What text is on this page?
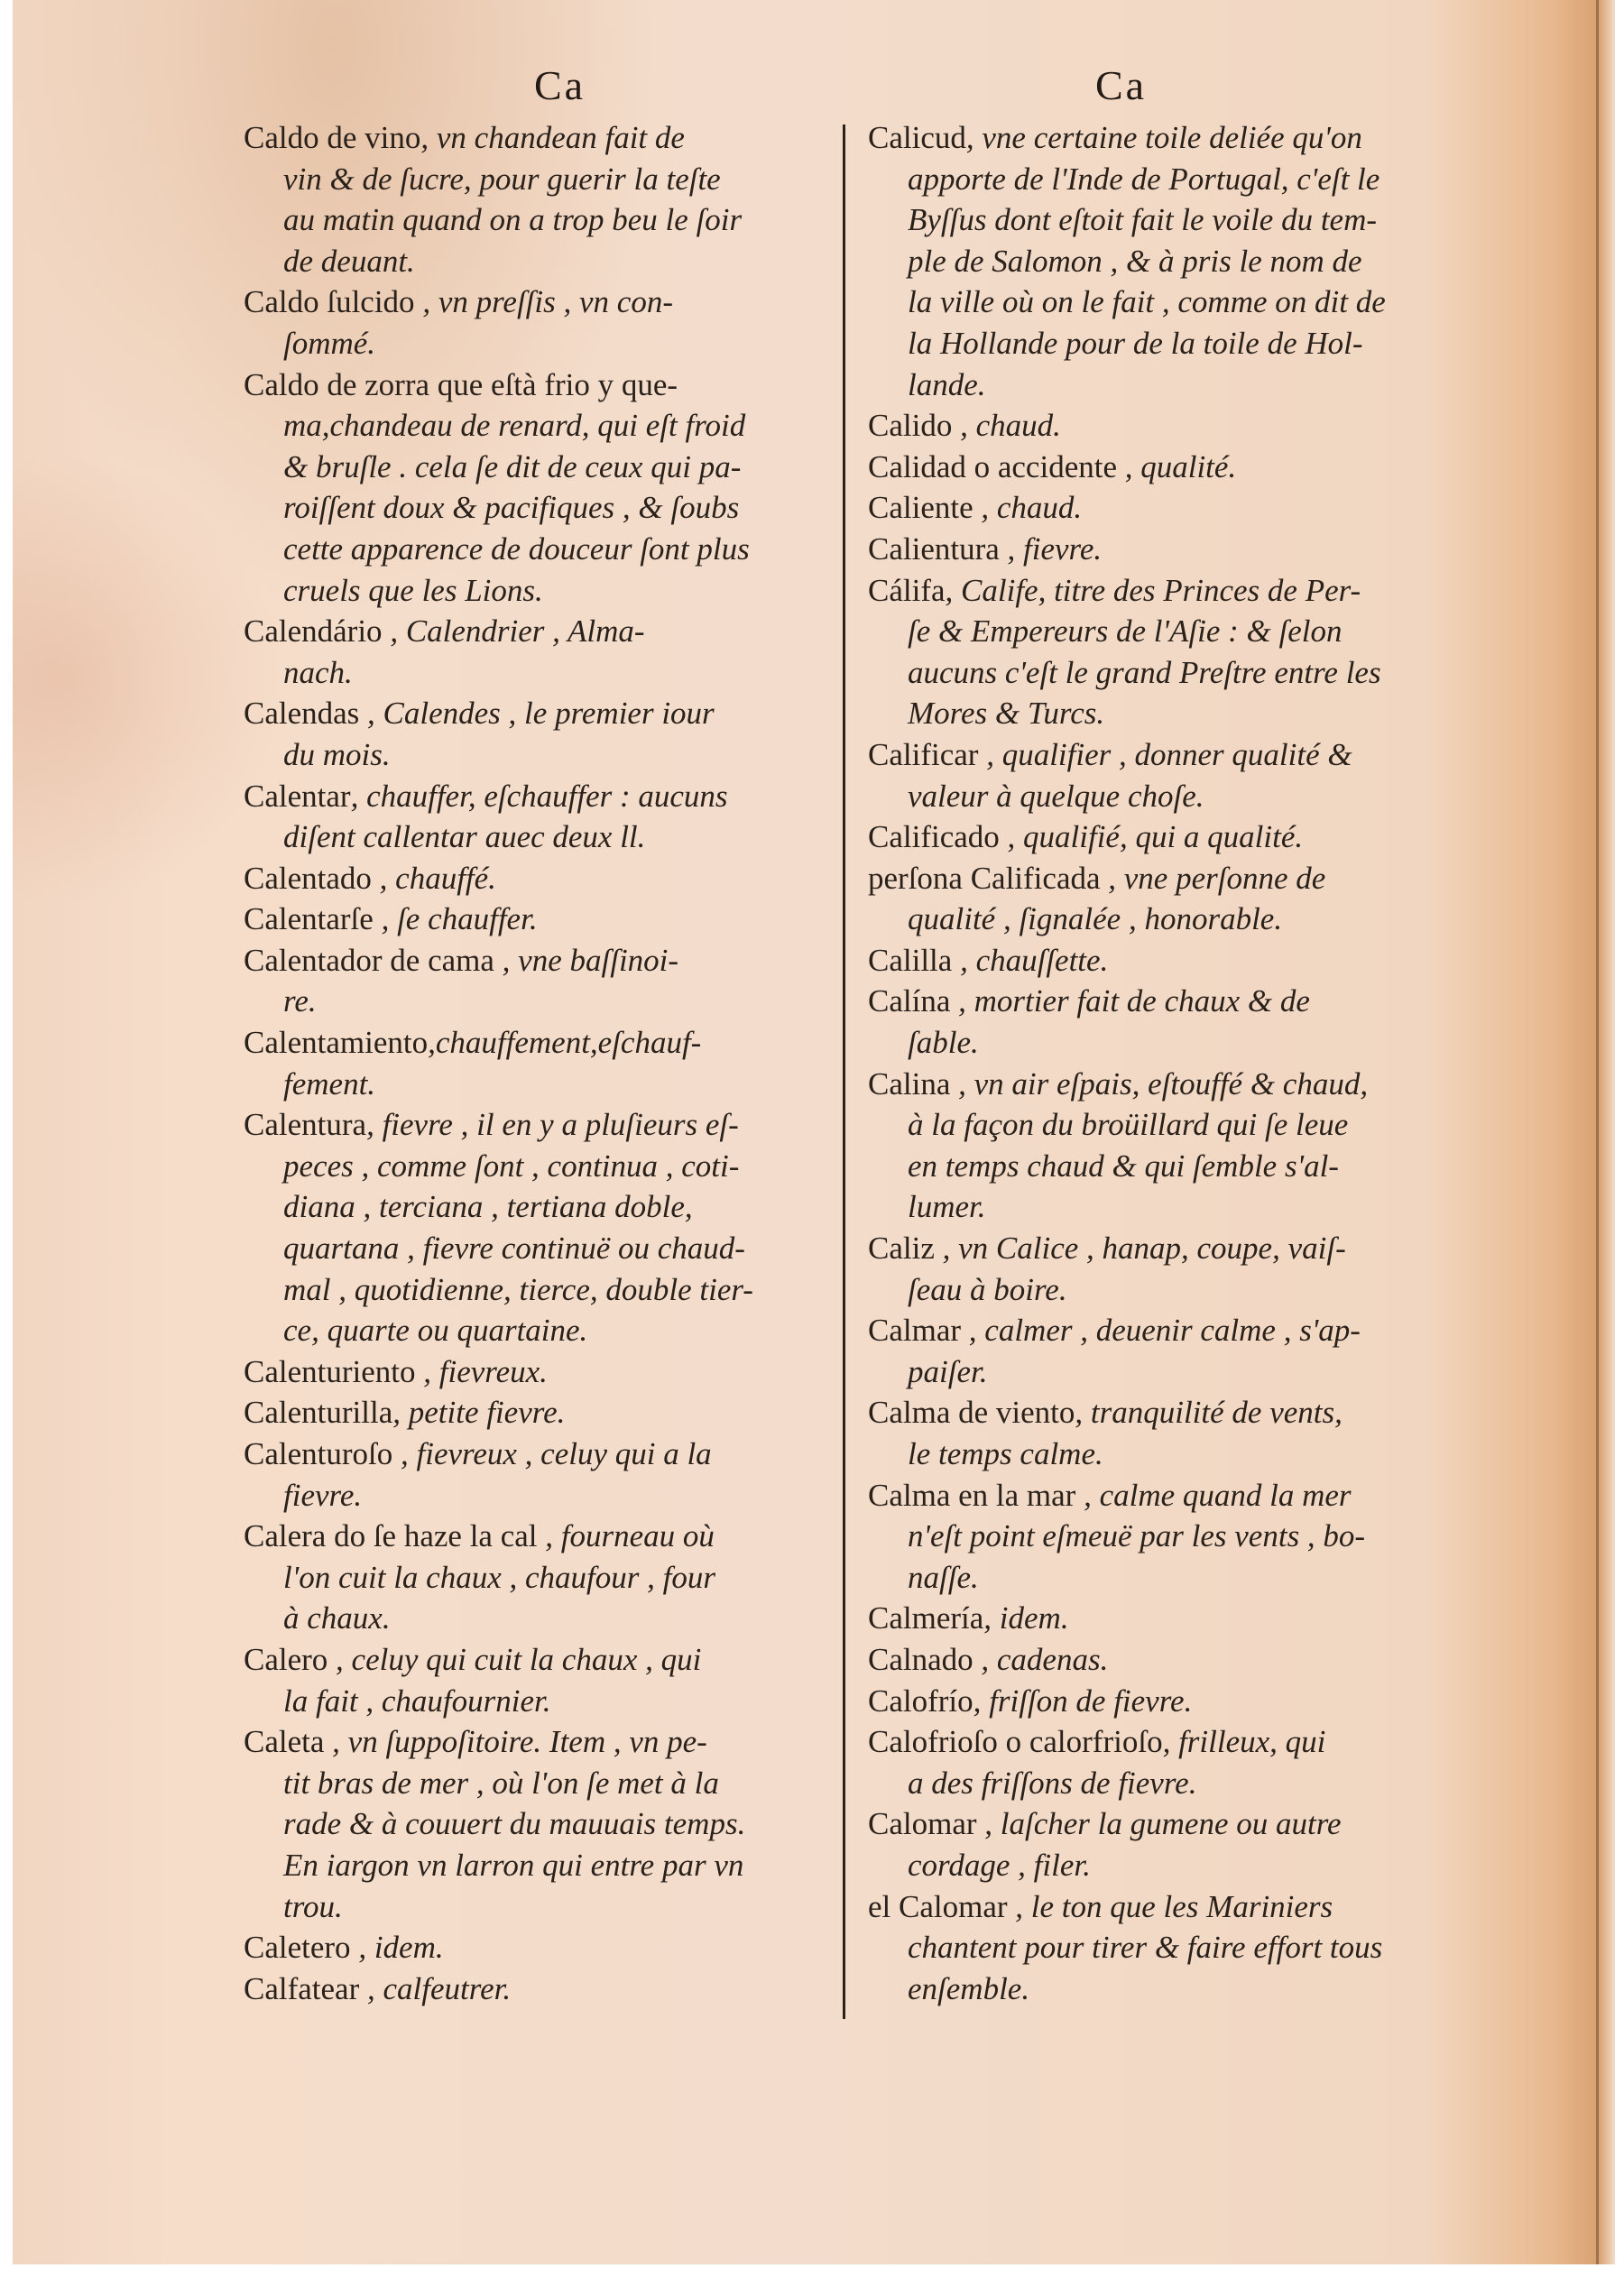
Ca	Ca
Caldo de vino, vn chandean fait de
vin & de ſucre, pour guerir la teſte
au matin quand on a trop beu le ſoir
de deuant.
Caldo ſulcido , vn preſſis , vn con-
ſommé.
Caldo de zorra que eſtà frio y que-
ma,chandeau de renard, qui eſt froid
& bruſle . cela ſe dit de ceux qui pa-
roiſſent doux & pacifiques , & ſoubs
cette apparence de douceur ſont plus
cruels que les Lions.
Calendário , Calendrier , Alma-
nach.
Calendas , Calendes , le premier iour
du mois.
Calentar, chauffer, eſchauffer : aucuns
diſent callentar auec deux ll.
Calentado , chauffé.
Calentarſe , ſe chauffer.
Calentador de cama , vne baſſinoi-
re.
Calentamiento,chauffement,eſchauf-
fement.
Calentura, fievre , il en y a pluſieurs eſ-
peces , comme ſont , continua , coti-
diana , terciana , tertiana doble,
quartana , fievre continuë ou chaud-
mal , quotidienne, tierce, double tier-
ce, quarte ou quartaine.
Calenturiento , fievreux.
Calenturilla, petite fievre.
Calenturoſo , fievreux , celuy qui a la
fievre.
Calera do ſe haze la cal , fourneau où
l'on cuit la chaux , chaufour , four
à chaux.
Calero , celuy qui cuit la chaux , qui
la fait , chaufournier.
Caleta , vn ſuppoſitoire. Item , vn pe-
tit bras de mer , où l'on ſe met à la
rade & à couuert du mauuais temps.
En iargon vn larron qui entre par vn
trou.
Caletero , idem.
Calfatear , calfeutrer.
Calicud, vne certaine toile deliée qu'on
apporte de l'Inde de Portugal, c'eſt le
Byſſus dont eſtoit fait le voile du tem-
ple de Salomon , & à pris le nom de
la ville où on le fait , comme on dit de
la Hollande pour de la toile de Hol-
lande.
Calido , chaud.
Calidad o accidente , qualité.
Caliente , chaud.
Calientura , fievre.
Cálifa, Calife, titre des Princes de Per-
ſe & Empereurs de l'Aſie : & ſelon
aucuns c'eſt le grand Preſtre entre les
Mores & Turcs.
Calificar , qualifier , donner qualité &
valeur à quelque choſe.
Calificado , qualifié, qui a qualité.
perſona Calificada , vne perſonne de
qualité , ſignalée , honorable.
Calilla , chauſſette.
Calína , mortier fait de chaux & de
ſable.
Calina , vn air eſpais, eſtouffé & chaud,
à la façon du broüillard qui ſe leue
en temps chaud & qui ſemble s'al-
lumer.
Caliz , vn Calice , hanap, coupe, vaiſ-
ſeau à boire.
Calmar , calmer , deuenir calme , s'ap-
paiſer.
Calma de viento, tranquilité de vents,
le temps calme.
Calma en la mar , calme quand la mer
n'eſt point eſmeuë par les vents , bo-
naſſe.
Calmería, idem.
Calnado , cadenas.
Calofrío, friſſon de fievre.
Calofrioſo o calorfrioſo, frilleux, qui
a des friſſons de fievre.
Calomar , laſcher la gumene ou autre
cordage , filer.
el Calomar , le ton que les Mariniers
chantent pour tirer & faire effort tous
enſemble.
